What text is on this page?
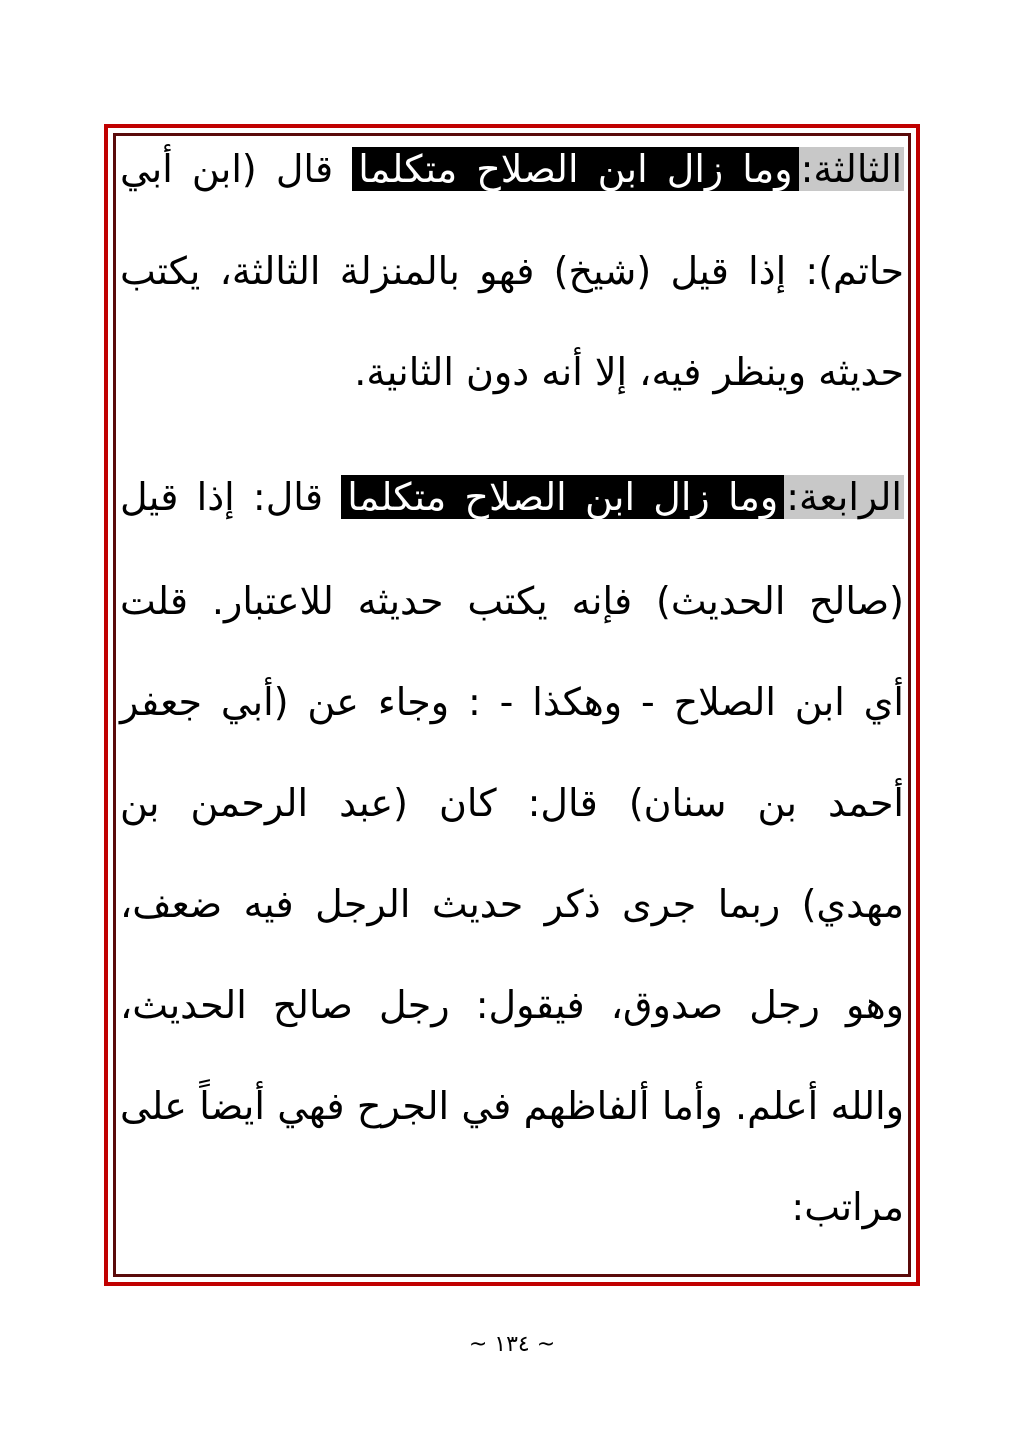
الثالثة:وما زال ابن الصلاح متكلما قال (ابن أبي
حاتم): إذا قيل (شيخ) فهو بالمنزلة الثالثة، يكتب
حديثه وينظر فيه، إلا أنه دون الثانية.
الرابعة:وما زال ابن الصلاح متكلما قال: إذا قيل
(صالح الحديث) فإنه يكتب حديثه للاعتبار. قلت
أي ابن الصلاح - وهكذا - : وجاء عن (أبي جعفر
أحمد بن سنان) قال: كان (عبد الرحمن بن
مهدي) ربما جرى ذكر حديث الرجل فيه ضعف،
وهو رجل صدوق، فيقول: رجل صالح الحديث،
والله أعلم. وأما ألفاظهم في الجرح فهي أيضاً على
مراتب:
~ ١٣٤ ~
